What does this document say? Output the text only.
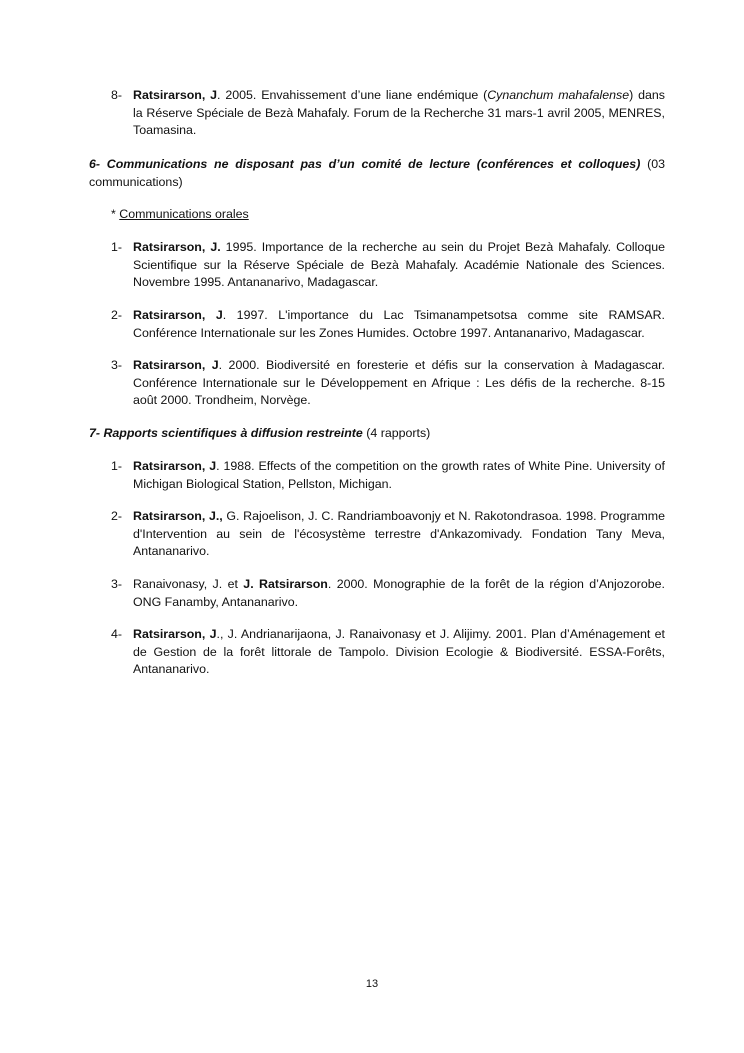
8- Ratsirarson, J. 2005. Envahissement d’une liane endémique (Cynanchum mahafalense) dans la Réserve Spéciale de Bezà Mahafaly. Forum de la Recherche 31 mars-1 avril 2005, MENRES, Toamasina.
6- Communications ne disposant pas d’un comité de lecture (conférences et colloques) (03 communications)
* Communications orales
1- Ratsirarson, J. 1995. Importance de la recherche au sein du Projet Bezà Mahafaly. Colloque Scientifique sur la Réserve Spéciale de Bezà Mahafaly. Académie Nationale des Sciences. Novembre 1995. Antananarivo, Madagascar.
2- Ratsirarson, J. 1997. L'importance du Lac Tsimanampetsotsa comme site RAMSAR. Conférence Internationale sur les Zones Humides. Octobre 1997. Antananarivo, Madagascar.
3- Ratsirarson, J. 2000. Biodiversité en foresterie et défis sur la conservation à Madagascar. Conférence Internationale sur le Développement en Afrique : Les défis de la recherche. 8-15 août 2000. Trondheim, Norvège.
7- Rapports scientifiques à diffusion restreinte (4 rapports)
1- Ratsirarson, J. 1988. Effects of the competition on the growth rates of White Pine. University of Michigan Biological Station, Pellston, Michigan.
2- Ratsirarson, J., G. Rajoelison, J. C. Randriamboavonjy et N. Rakotondrasoa. 1998. Programme d'Intervention au sein de l'écosystème terrestre d'Ankazomivady. Fondation Tany Meva, Antananarivo.
3- Ranaivonasy, J. et J. Ratsirarson. 2000. Monographie de la forêt de la région d’Anjozorobe. ONG Fanamby, Antananarivo.
4- Ratsirarson, J., J. Andrianarijaona, J. Ranaivonasy et J. Alijimy. 2001. Plan d’Aménagement et de Gestion de la forêt littorale de Tampolo. Division Ecologie & Biodiversité. ESSA-Forêts, Antananarivo.
13
